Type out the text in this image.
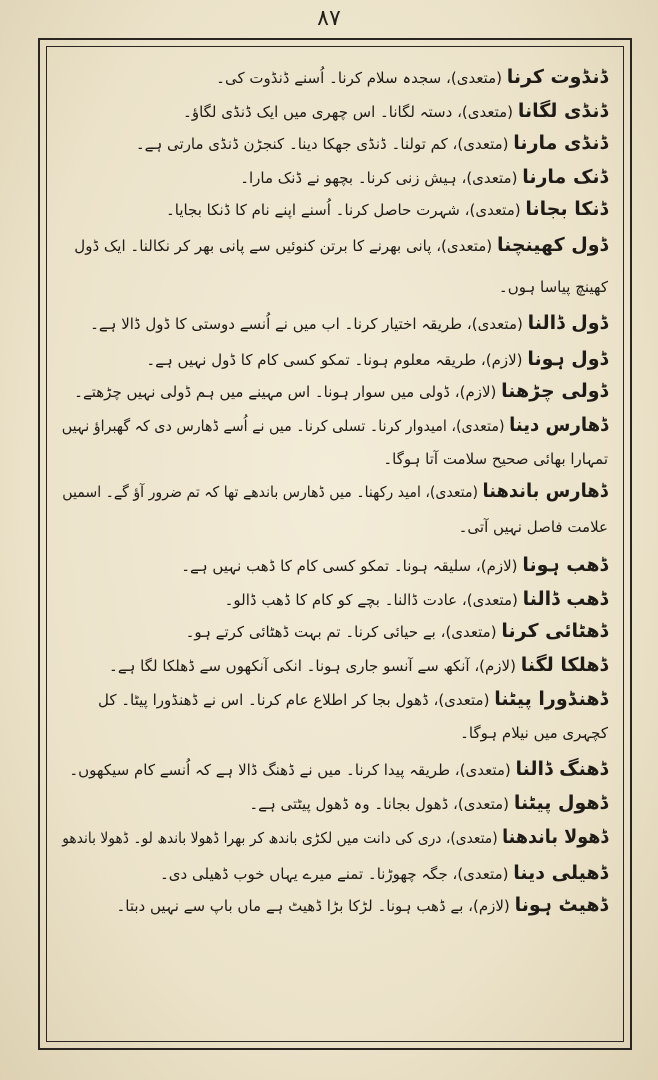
۸۷
ڈنڈوت کرنا (متعدی)، سجدہ سلام کرنا۔ اُسنے ڈنڈوت کی۔
ڈنڈی لگانا (متعدی)، دستہ لگانا۔ اس چھری میں ایک ڈنڈی لگاؤ۔
ڈنڈی مارنا (متعدی)، کم تولنا۔ ڈنڈی جھکا دینا۔ کنجڑن ڈنڈی مارتی ہے۔
ڈنک مارنا (متعدی)، ہیش زنی کرنا۔ بچھو نے ڈنک مارا۔
ڈنکا بجانا (متعدی)، شہرت حاصل کرنا۔ اُسنے اپنے نام کا ڈنکا بجایا۔
ڈول کھینچنا (متعدی)، پانی بھرنے کا برتن کنوئیں سے پانی بھر کر نکالنا۔ ایک ڈول
کھینچ پیاسا ہوں۔
ڈول ڈالنا (متعدی)، طریقہ اختیار کرنا۔ اب میں نے اُنسے دوستی کا ڈول ڈالا ہے۔
ڈول ہونا (لازم)، طریقہ معلوم ہونا۔ تمکو کسی کام کا ڈول نہیں ہے۔
ڈولی چڑھنا (لازم)، ڈولی میں سوار ہونا۔ اس مہینے میں ہم ڈولی نہیں چڑھتے۔
ڈھارس دینا (متعدی)، امیدوار کرنا۔ تسلی کرنا۔ میں نے اُسے ڈھارس دی کہ گھبراؤ نہیں
تمہارا بھائی صحیح سلامت آتا ہوگا۔
ڈھارس باندھنا (متعدی)، امید رکھنا۔ میں ڈھارس باندھے تھا کہ تم ضرور آؤ گے۔ اسمیں
علامت فاصل نہیں آتی۔
ڈھب ہونا (لازم)، سلیقہ ہونا۔ تمکو کسی کام کا ڈھب نہیں ہے۔
ڈھب ڈالنا (متعدی)، عادت ڈالنا۔ بچے کو کام کا ڈھب ڈالو۔
ڈھٹائی کرنا (متعدی)، بے حیائی کرنا۔ تم بہت ڈھٹائی کرتے ہو۔
ڈھلکا لگنا (لازم)، آنکھ سے آنسو جاری ہونا۔ انکی آنکھوں سے ڈھلکا لگا ہے۔
ڈھنڈورا پیٹنا (متعدی)، ڈھول بجا کر اطلاع عام کرنا۔ اس نے ڈھنڈورا پیٹا۔ کل
کچہری میں نیلام ہوگا۔
ڈھنگ ڈالنا (متعدی)، طریقہ پیدا کرنا۔ میں نے ڈھنگ ڈالا ہے کہ اُنسے کام سیکھوں۔
ڈھول پیٹنا (متعدی)، ڈھول بجانا۔ وہ ڈھول پیٹتی ہے۔
ڈھولا باندھنا (متعدی)، دری کی دانت میں لکڑی باندھ کر بھرا ڈھولا باندھ لو۔ ڈھولا باندھو
ڈھیلی دینا (متعدی)، جگہ چھوڑنا۔ تمنے میرے یہاں خوب ڈھیلی دی۔
ڈھیٹ ہونا (لازم)، بے ڈھب ہونا۔ لڑکا بڑا ڈھیٹ ہے ماں باپ سے نہیں دبتا۔
